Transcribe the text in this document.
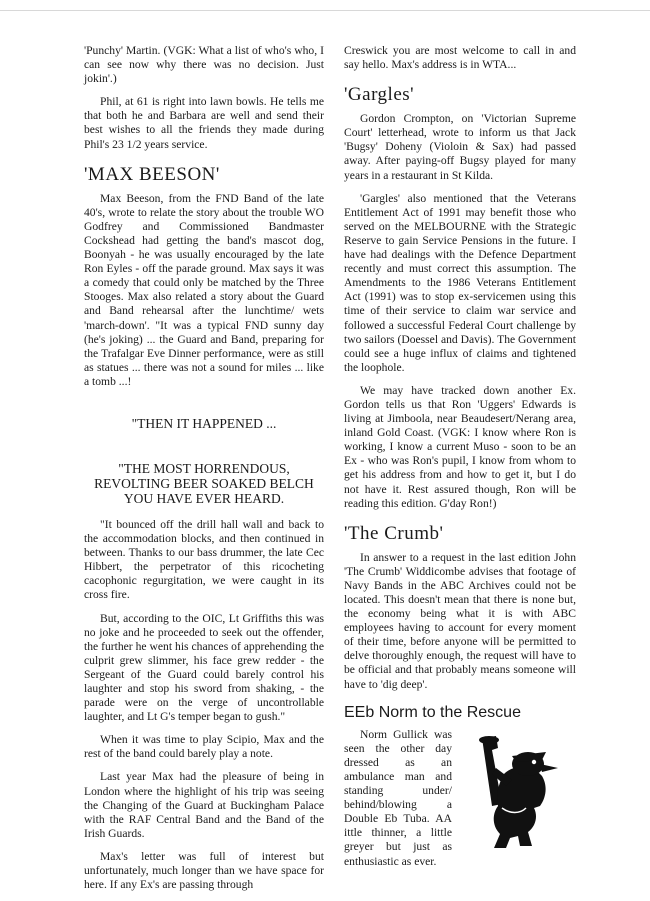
'Punchy' Martin. (VGK: What a list of who's who, I can see now why there was no decision. Just jokin'.)

Phil, at 61 is right into lawn bowls. He tells me that both he and Barbara are well and send their best wishes to all the friends they made during Phil's 23 1/2 years service.

'MAX BEESON'

Max Beeson, from the FND Band of the late 40's, wrote to relate the story about the trouble WO Godfrey and Commissioned Bandmaster Cockshead had getting the band's mascot dog, Boonyah - he was usually encouraged by the late Ron Eyles - off the parade ground. Max says it was a comedy that could only be matched by the Three Stooges. Max also related a story about the Guard and Band rehearsal after the lunchtime/ wets 'march-down'. "It was a typical FND sunny day (he's joking) ... the Guard and Band, preparing for the Trafalgar Eve Dinner performance, were as still as statues ... there was not a sound for miles ... like a tomb ...!

"THEN IT HAPPENED ...
"THE MOST HORRENDOUS, REVOLTING BEER SOAKED BELCH YOU HAVE EVER HEARD.

"It bounced off the drill hall wall and back to the accommodation blocks, and then continued in between. Thanks to our bass drummer, the late Cec Hibbert, the perpetrator of this ricocheting cacophonic regurgitation, we were caught in its cross fire.

But, according to the OIC, Lt Griffiths this was no joke and he proceeded to seek out the offender, the further he went his chances of apprehending the culprit grew slimmer, his face grew redder - the Sergeant of the Guard could barely control his laughter and stop his sword from shaking, - the parade were on the verge of uncontrollable laughter, and Lt G's temper began to gush."

When it was time to play Scipio, Max and the rest of the band could barely play a note.

Last year Max had the pleasure of being in London where the highlight of his trip was seeing the Changing of the Guard at Buckingham Palace with the RAF Central Band and the Band of the Irish Guards.

Max's letter was full of interest but unfortunately, much longer than we have space for here. If any Ex's are passing through

Creswick you are most welcome to call in and say hello. Max's address is in WTA...

'Gargles'

Gordon Crompton, on 'Victorian Supreme Court' letterhead, wrote to inform us that Jack 'Bugsy' Doheny (Violoin & Sax) had passed away. After paying-off Bugsy played for many years in a restaurant in St Kilda.

'Gargles' also mentioned that the Veterans Entitlement Act of 1991 may benefit those who served on the MELBOURNE with the Strategic Reserve to gain Service Pensions in the future. I have had dealings with the Defence Department recently and must correct this assumption. The Amendments to the 1986 Veterans Entitlement Act (1991) was to stop ex-servicemen using this time of their service to claim war service and followed a successful Federal Court challenge by two sailors (Doessel and Davis). The Government could see a huge influx of claims and tightened the loophole.

We may have tracked down another Ex. Gordon tells us that Ron 'Uggers' Edwards is living at Jimboola, near Beaudesert/Nerang area, inland Gold Coast. (VGK: I know where Ron is working, I know a current Muso - soon to be an Ex - who was Ron's pupil, I know from whom to get his address from and how to get it, but I do not have it. Rest assured though, Ron will be reading this edition. G'day Ron!)

'The Crumb'

In answer to a request in the last edition John 'The Crumb' Widdicombe advises that footage of Navy Bands in the ABC Archives could not be located. This doesn't mean that there is none but, the economy being what it is with ABC employees having to account for every moment of their time, before anyone will be permitted to delve thoroughly enough, the request will have to be official and that probably means someone will have to 'dig deep'.

EEb Norm to the Rescue

Norm Gullick was seen the other day dressed as an ambulance man and standing under/ behind/blowing a Double Eb Tuba. AA ittle thinner, a little greyer but just as enthusiastic as ever.
